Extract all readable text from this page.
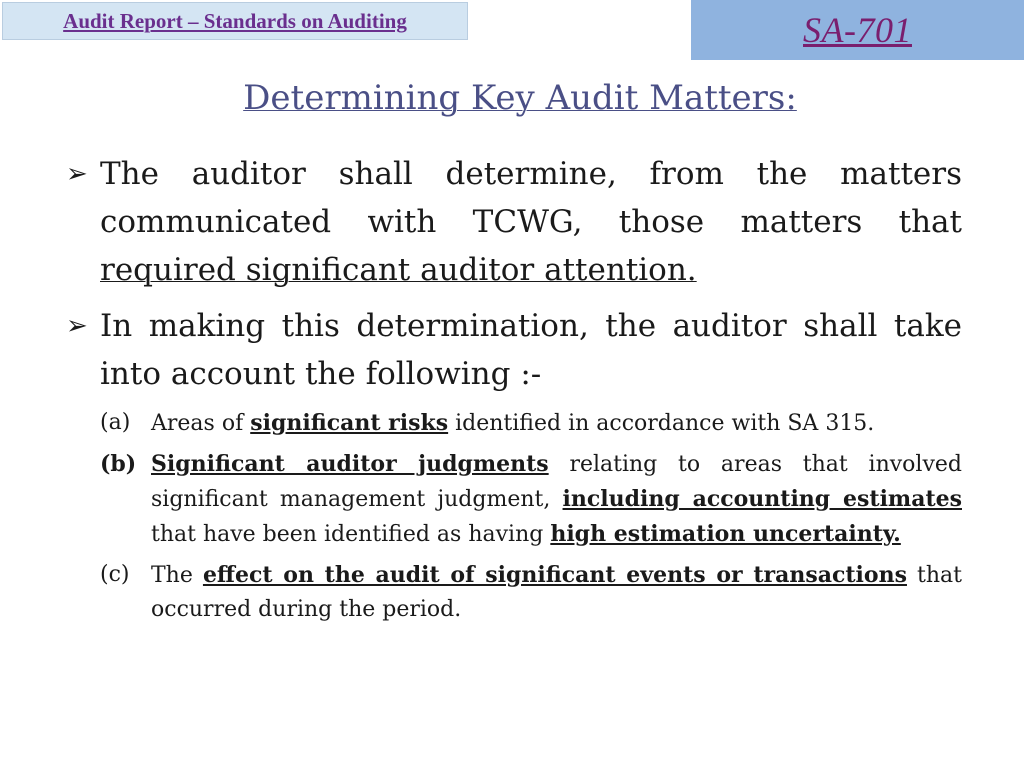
Audit Report – Standards on Auditing	SA-701
Determining Key Audit Matters:
➢ The auditor shall determine, from the matters communicated with TCWG, those matters that required significant auditor attention.
➢ In making this determination, the auditor shall take into account the following :-
(a) Areas of significant risks identified in accordance with SA 315.
(b) Significant auditor judgments relating to areas that involved significant management judgment, including accounting estimates that have been identified as having high estimation uncertainty.
(c) The effect on the audit of significant events or transactions that occurred during the period.
